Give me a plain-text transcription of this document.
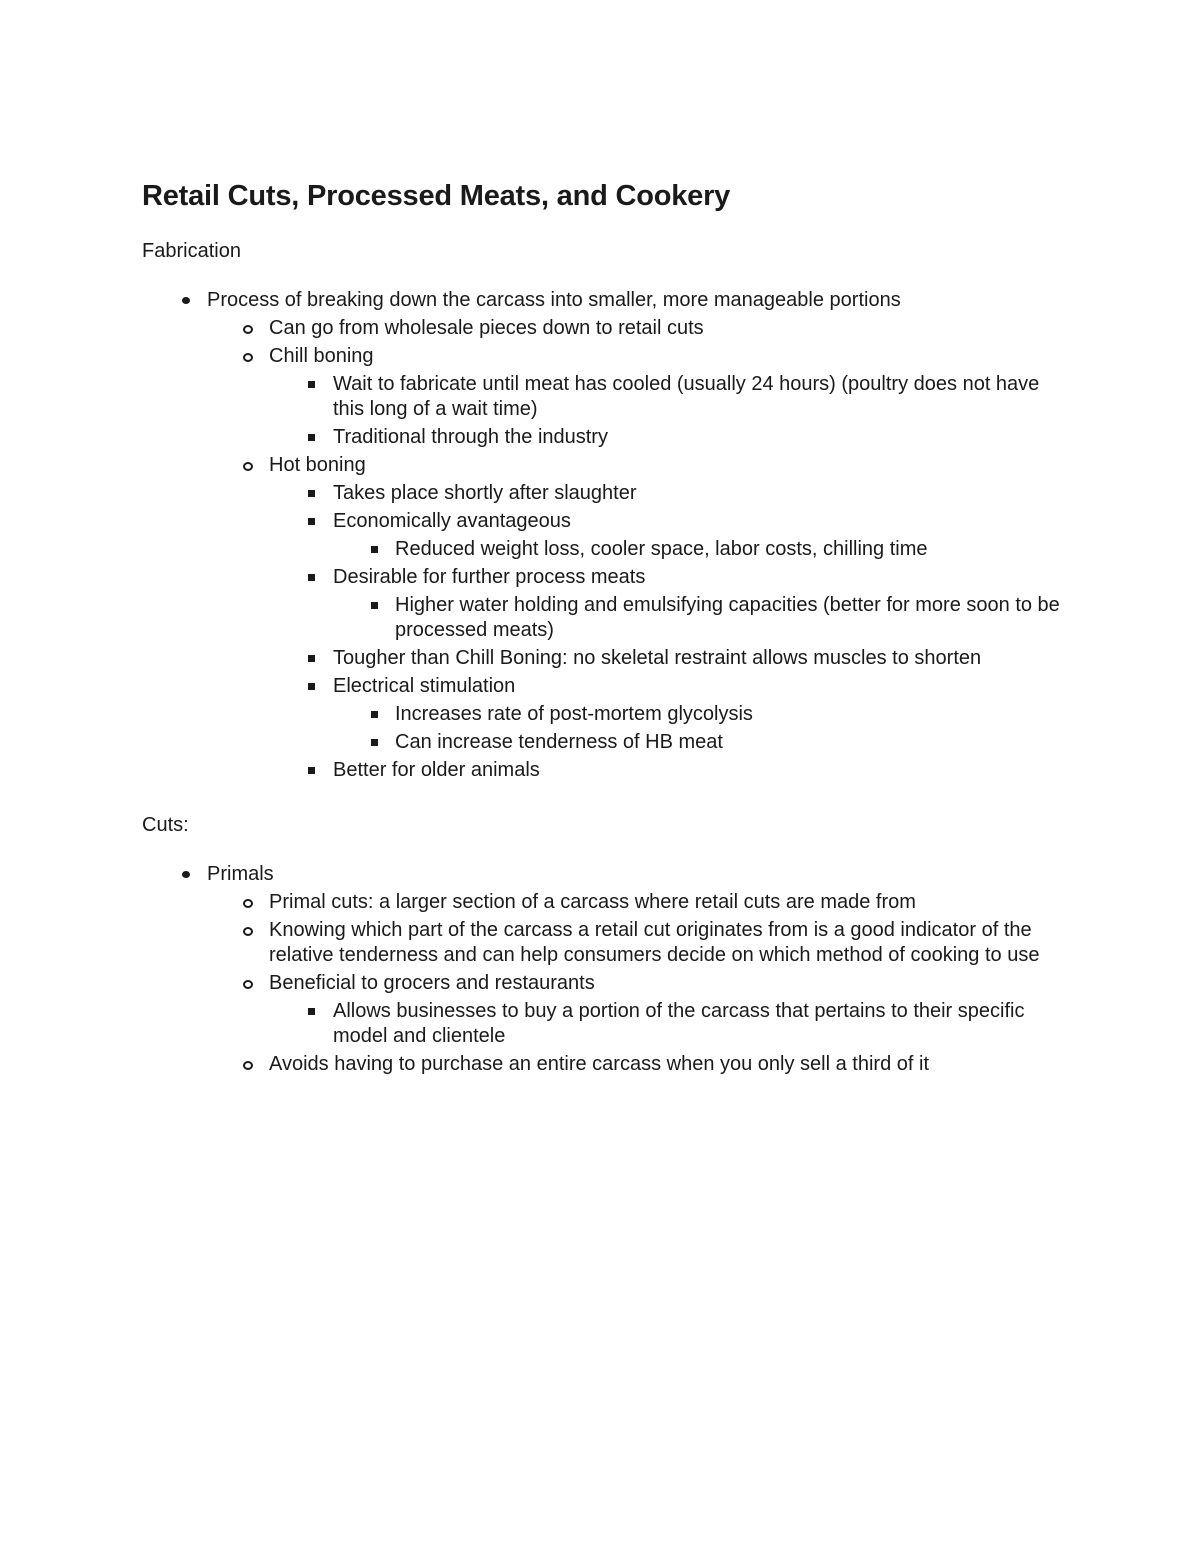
Retail Cuts, Processed Meats, and Cookery
Fabrication
Process of breaking down the carcass into smaller, more manageable portions
Can go from wholesale pieces down to retail cuts
Chill boning
Wait to fabricate until meat has cooled (usually 24 hours) (poultry does not have this long of a wait time)
Traditional through the industry
Hot boning
Takes place shortly after slaughter
Economically avantageous
Reduced weight loss, cooler space, labor costs, chilling time
Desirable for further process meats
Higher water holding and emulsifying capacities (better for more soon to be processed meats)
Tougher than Chill Boning: no skeletal restraint allows muscles to shorten
Electrical stimulation
Increases rate of post-mortem glycolysis
Can increase tenderness of HB meat
Better for older animals
Cuts:
Primals
Primal cuts: a larger section of a carcass where retail cuts are made from
Knowing which part of the carcass a retail cut originates from is a good indicator of the relative tenderness and can help consumers decide on which method of cooking to use
Beneficial to grocers and restaurants
Allows businesses to buy a portion of the carcass that pertains to their specific model and clientele
Avoids having to purchase an entire carcass when you only sell a third of it
